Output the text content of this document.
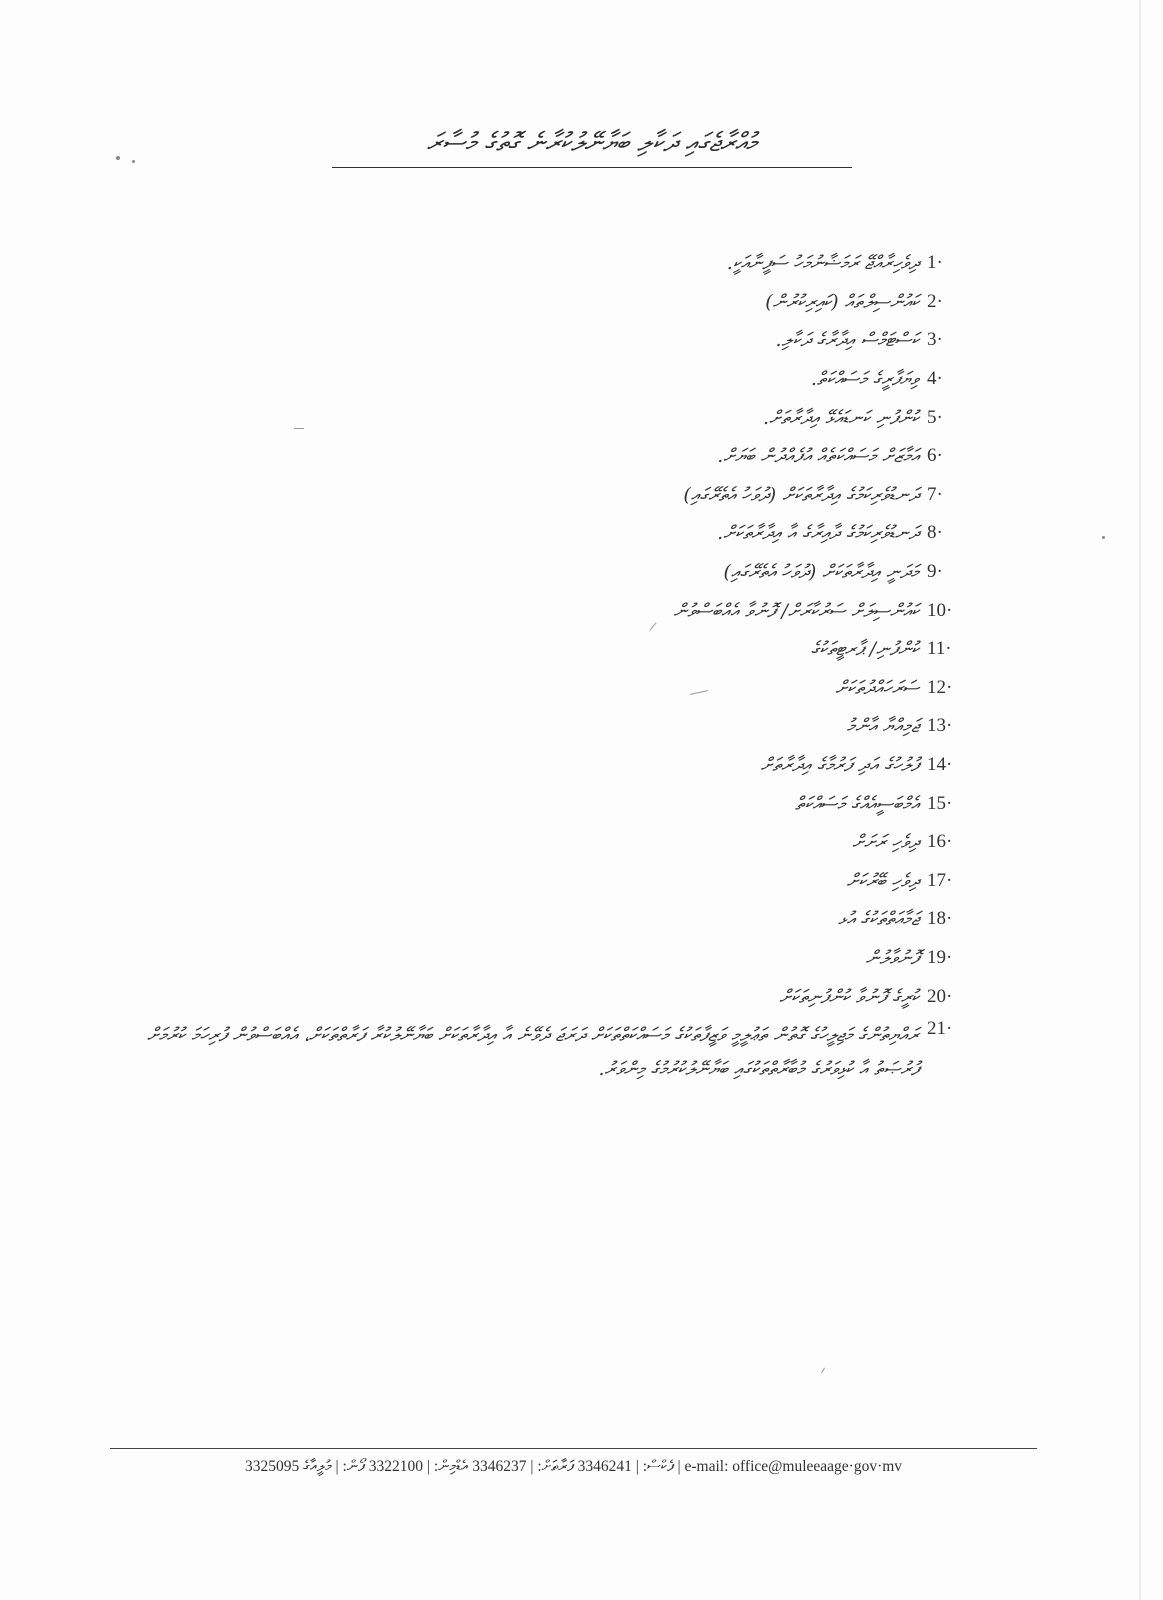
މުއްރާޖެގައި ދަކާލި ބަޔާނޭލުކުރާނެ ގޮތުގެ މުސާރަ
ދިވެހިރާއްޖޭ ރަމަޟާނުމަހު ސަފީނާއަކީ. 1·
ކައުންސިލްތައް (ކައިރިކުރުން) 2·
ކަސްޓަމްސް އިދާރާގެ ދަކާލި. 3·
ވިޔަފާރީގެ މަސައްކަތް. 4·
ކުންފުނި ކަނޑައެޅޭ އިދާރާތަށް. 5·
އަމާޒަށް މަސައްކަތެއް އުފެއްދުން ބަޔަށް. 6·
ދަނޑުވެރިކަމުގެ އިދާރާތަކަށް (ދުވަހު އެތެރޭގައި) 7·
ދަނޑުވެރިކަމުގެ ދާއިރާގެ އާ އިދާރާތަކަށް. 8·
މަދަނީ އިދާރާތަކަށް (ދުވަހު އެތެރޭގައި) 9·
ކައުންސިލަށް ސަރުކާރަށް/ ފޮނުވާ އެއްބަސްވުން 10·
ކުންފުނި/ ޕާރޓީތަކުގެ 11·
ސަރަހައްދުތަކަށް 12·
ޖަމިއްޔާ އާންމު 13·
ފުލުހުގެ އަދި ފަރުމާގެ އިދާރާތަށް 14·
އެމްބަސީއެއްގެ މަސައްކަތް 15·
ދިވެހި ރަށަށް 16·
ދިވެހި ބޭރުކަށް 17·
ޖަމާއަތްތަކުގެ އުޅ 18·
ފޮނުވާލުން 19·
ކުރީގެ ފޮނުވާ ކުންފުނިތަކަށް 20·
ރައްޔިތުންގެ މަޖިލީހުގެ ގޮތުން ތަޢުލީމީ ވަޒީފާތަކުގެ މަސައްކަތްތަކަށް ދަރަޖަ ދެވޭނެ އާ އިދާރާތަކަށް ބަޔާނޭލުކުރާ ފަރާތްތަކަށް، އެއްބަސްވުން ފުރިހަމަ ކުރުމަށް ފުރުޞަތު އާ ކުޅިވަރުގެ މުބާރާތްތަކުގައި ބަޔާނޭލުކުރުމުގެ މިންވަރު.
21·
3325095	ފެކްސް: | 3346241 ފަރާތަށް: | 3346237 އެޑްމިން: | 3322100 ފޯން: | މުލީއާގެ	| e-mail: office@muleeaage·gov·mv
